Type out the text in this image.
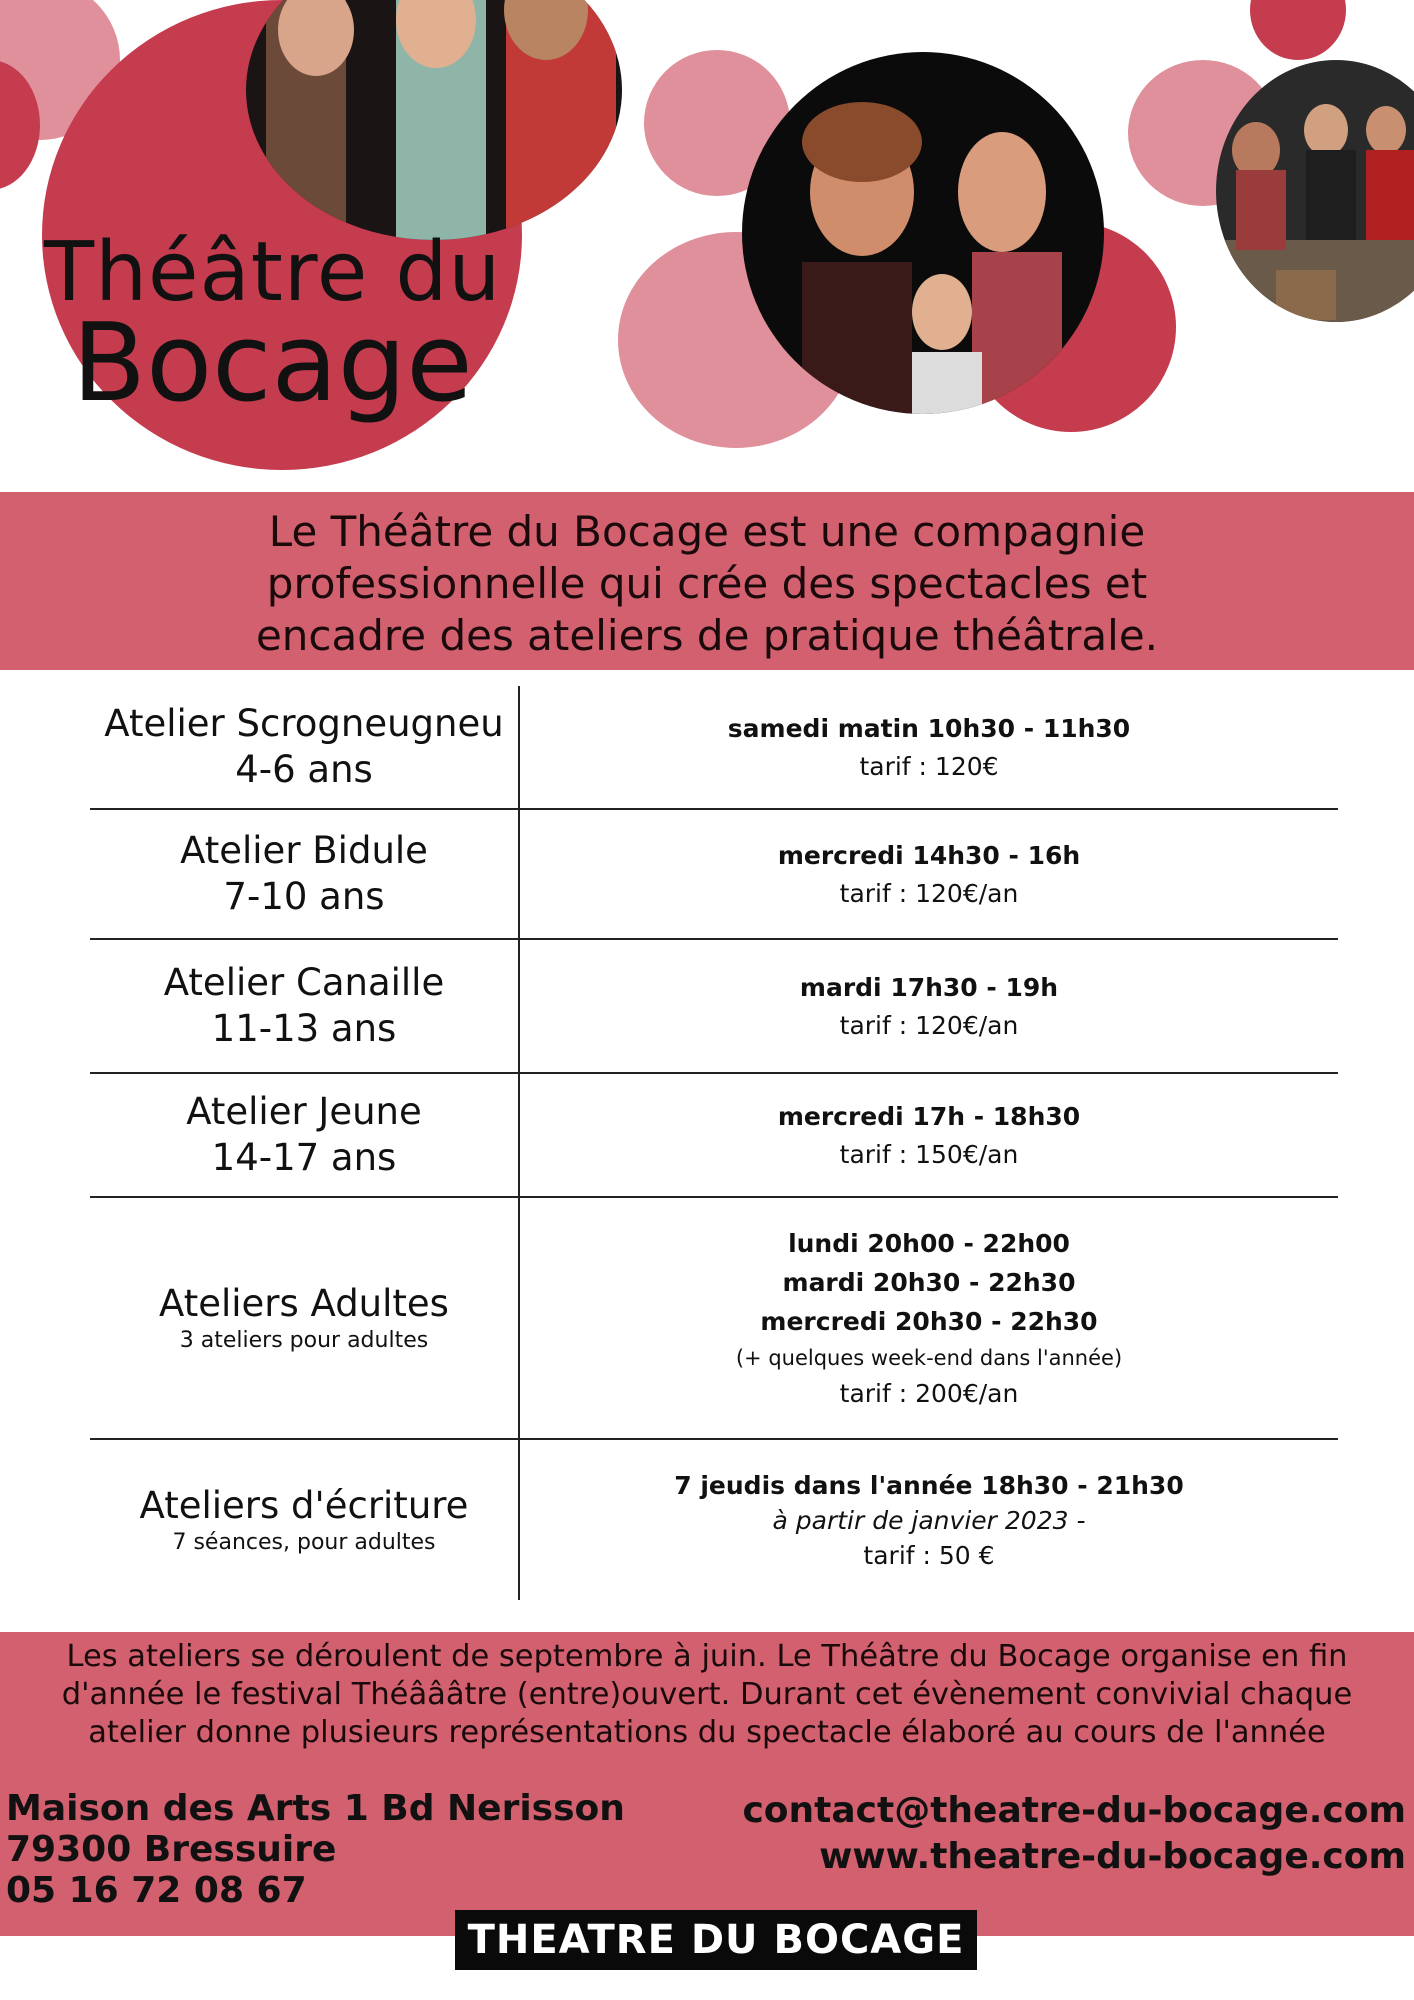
Théâtre du
Bocage
Le Théâtre du Bocage est une compagnie
professionnelle qui crée des spectacles et
encadre des ateliers de pratique théâtrale.
Atelier Scrogneugneu
4-6 ans
samedi matin 10h30 - 11h30
tarif : 120€
Atelier Bidule
7-10 ans
mercredi 14h30 - 16h
tarif : 120€/an
Atelier Canaille
11-13 ans
mardi 17h30 - 19h
tarif : 120€/an
Atelier Jeune
14-17 ans
mercredi 17h - 18h30
tarif : 150€/an
Ateliers Adultes
3 ateliers pour adultes
lundi 20h00 - 22h00
mardi 20h30 - 22h30
mercredi 20h30 - 22h30
(+ quelques week-end dans l'année)
tarif : 200€/an
Ateliers d'écriture
7 séances, pour adultes
7 jeudis dans l'année 18h30 - 21h30
à partir de janvier 2023 -
tarif : 50 €
Les ateliers se déroulent de septembre à juin. Le Théâtre du Bocage organise en fin
d'année le festival Théâââtre (entre)ouvert. Durant cet évènement convivial chaque
atelier donne plusieurs représentations du spectacle élaboré au cours de l'année
Maison des Arts 1 Bd Nerisson
79300 Bressuire
05 16 72 08 67
contact@theatre-du-bocage.com
www.theatre-du-bocage.com
THEATRE DU BOCAGE
